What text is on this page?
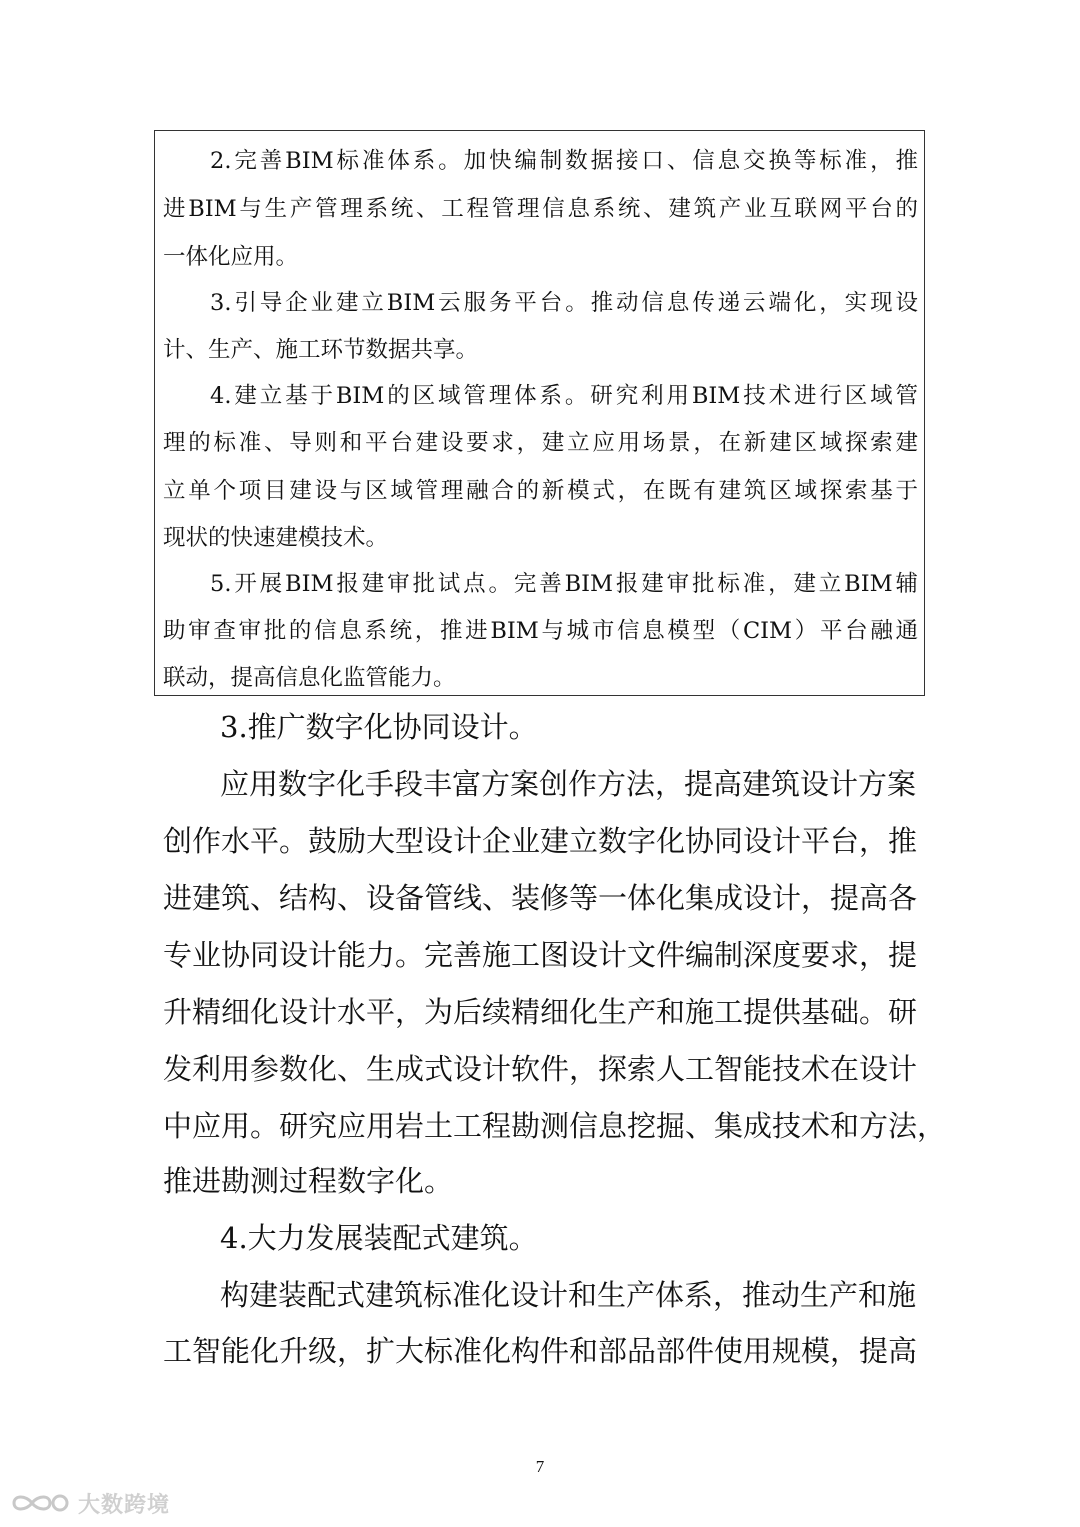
2.完善BIM标准体系。加快编制数据接口、信息交换等标准，推
进BIM与生产管理系统、工程管理信息系统、建筑产业互联网平台的
一体化应用。
3.引导企业建立BIM云服务平台。推动信息传递云端化，实现设
计、生产、施工环节数据共享。
4.建立基于BIM的区域管理体系。研究利用BIM技术进行区域管
理的标准、导则和平台建设要求，建立应用场景，在新建区域探索建
立单个项目建设与区域管理融合的新模式，在既有建筑区域探索基于
现状的快速建模技术。
5.开展BIM报建审批试点。完善BIM报建审批标准，建立BIM辅
助审查审批的信息系统，推进BIM与城市信息模型（CIM）平台融通
联动，提高信息化监管能力。
3.推广数字化协同设计。
应用数字化手段丰富方案创作方法，提高建筑设计方案
创作水平。鼓励大型设计企业建立数字化协同设计平台，推
进建筑、结构、设备管线、装修等一体化集成设计，提高各
专业协同设计能力。完善施工图设计文件编制深度要求，提
升精细化设计水平，为后续精细化生产和施工提供基础。研
发利用参数化、生成式设计软件，探索人工智能技术在设计
中应用。研究应用岩土工程勘测信息挖掘、集成技术和方法，
推进勘测过程数字化。
4.大力发展装配式建筑。
构建装配式建筑标准化设计和生产体系，推动生产和施
工智能化升级，扩大标准化构件和部品部件使用规模，提高
7
大数跨境
